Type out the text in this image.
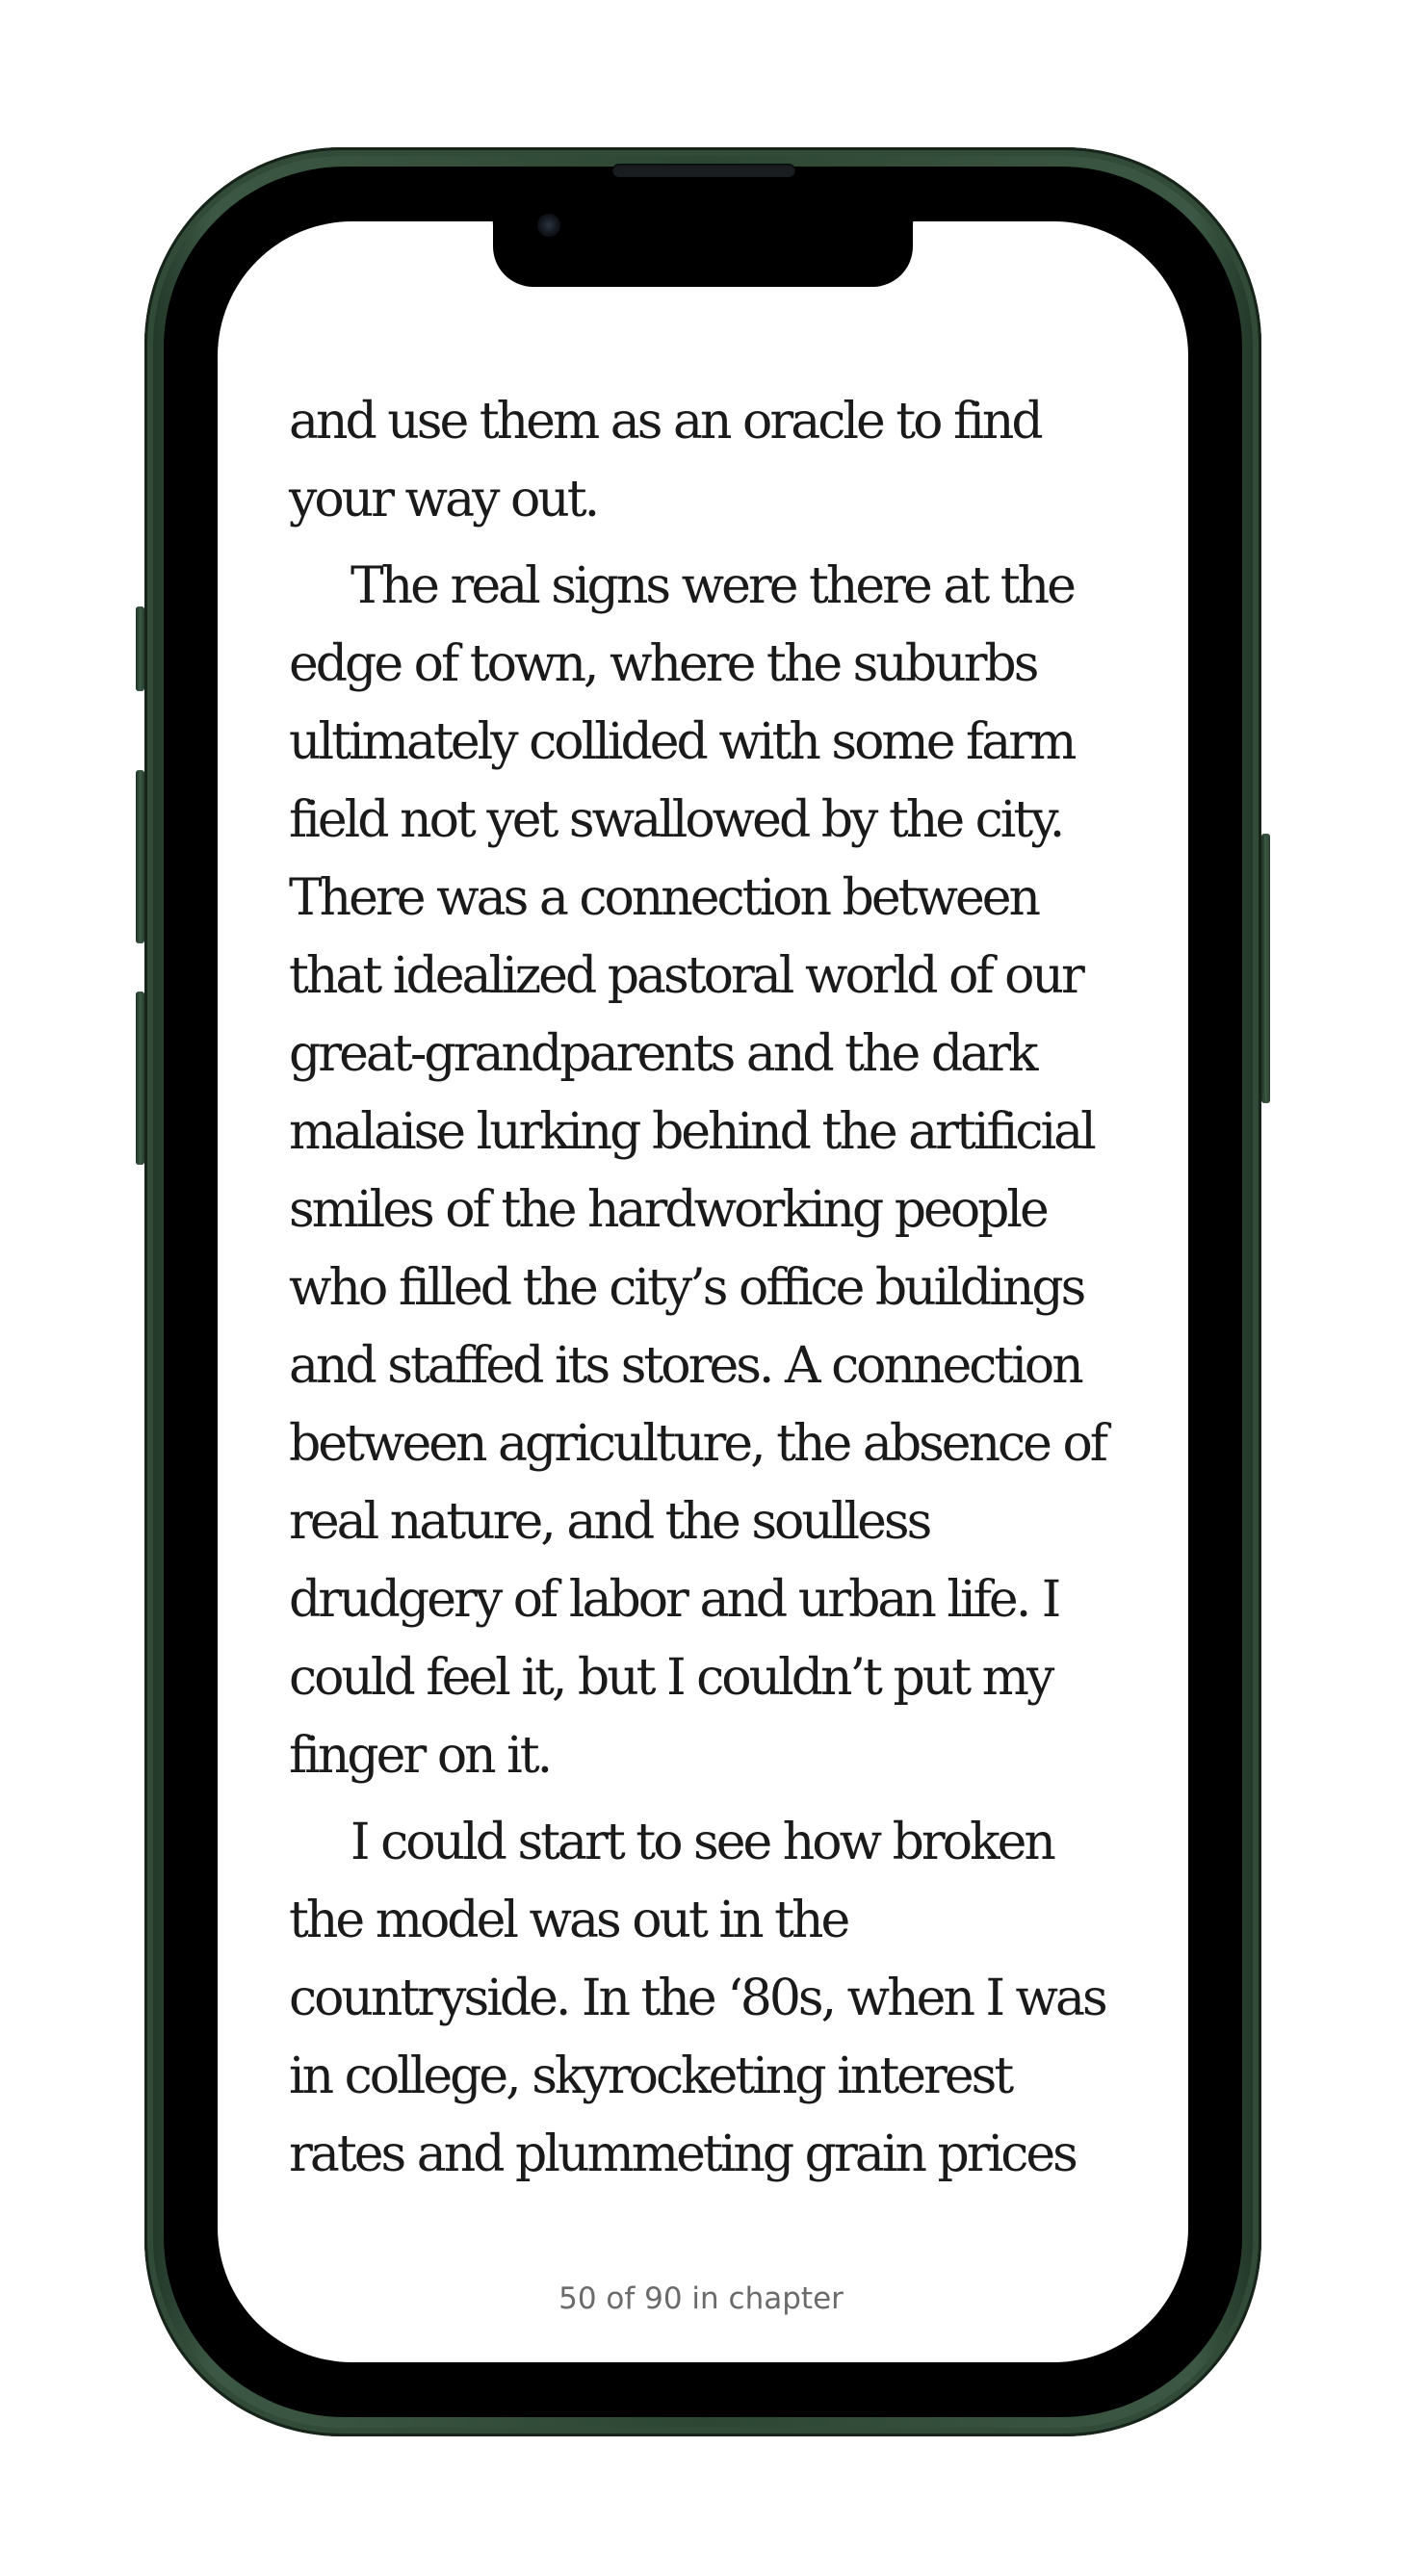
and use them as an oracle to find
your way out.
The real signs were there at the
edge of town, where the suburbs
ultimately collided with some farm
field not yet swallowed by the city.
There was a connection between
that idealized pastoral world of our
great-grandparents and the dark
malaise lurking behind the artificial
smiles of the hardworking people
who filled the city’s office buildings
and staffed its stores. A connection
between agriculture, the absence of
real nature, and the soulless
drudgery of labor and urban life. I
could feel it, but I couldn’t put my
finger on it.
I could start to see how broken
the model was out in the
countryside. In the ‘80s, when I was
in college, skyrocketing interest
rates and plummeting grain prices
50 of 90 in chapter
